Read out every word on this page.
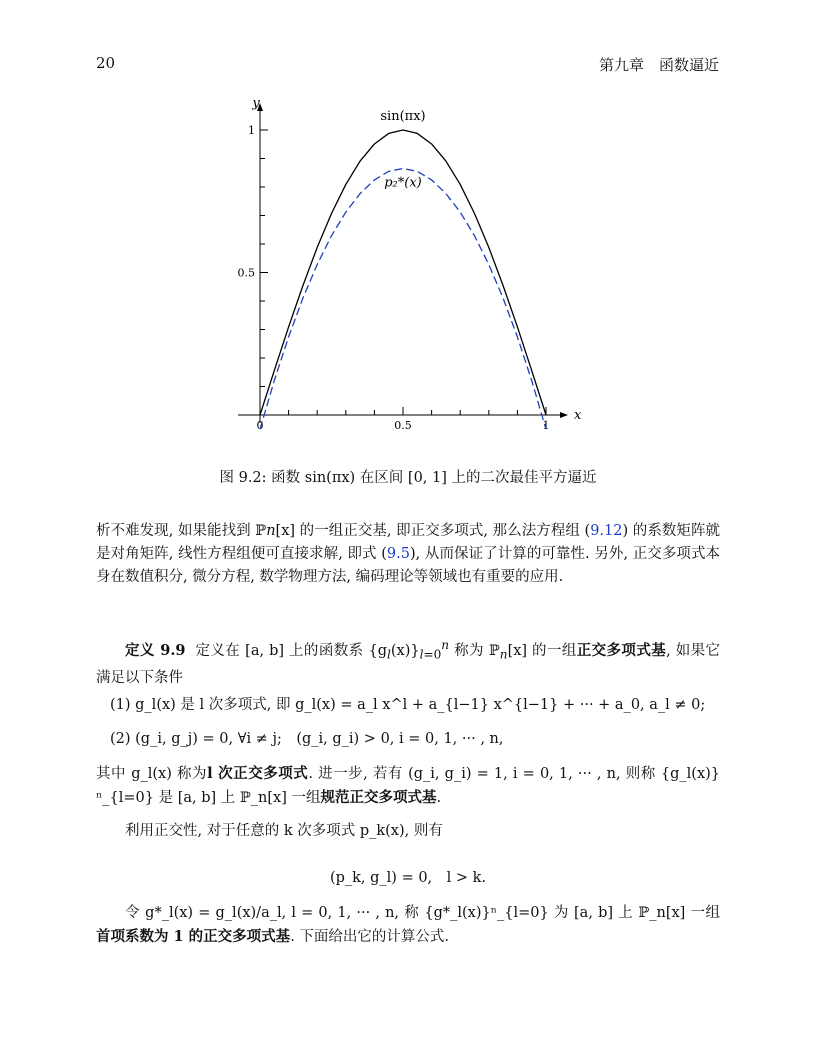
20	第九章　函数逼近
x
y
0	0.5	1
0.5
1
sin(πx)
p₂*(x)
图 9.2: 函数 sin(πx) 在区间 [0, 1] 上的二次最佳平方逼近

析不难发现, 如果能找到 ℙn[x] 的一组正交基, 即正交多项式, 那么法方程组 (9.12) 的系数矩阵就是对角矩阵, 线性方程组便可直接求解, 即式 (9.5), 从而保证了计算的可靠性. 另外, 正交多项式本身在数值积分, 微分方程, 数学物理方法, 编码理论等领域也有重要的应用.

定义 9.9 定义在 [a, b] 上的函数系 $\{g_l(x)\}_{l=0}^n$ 称为 ℙ$_n$[x] 的一组正交多项式基, 如果它满足以下条件

(1) g_l(x) 是 l 次多项式, 即 g_l(x) = a_l x^l + a_{l−1} x^{l−1} + ··· + a_0, a_l ≠ 0;
(2) (g_i, g_j) = 0, ∀i ≠ j;　(g_i, g_i) > 0, i = 0, 1, ··· , n,

其中 g_l(x) 称为l 次正交多项式. 进一步, 若有 (g_i, g_i) = 1, i = 0, 1, ··· , n, 则称 {g_l(x)}ⁿ_{l=0} 是 [a, b] 上 ℙ_n[x] 一组规范正交多项式基.

利用正交性, 对于任意的 k 次多项式 p_k(x), 则有

(p_k, g_l) = 0,　l > k.

令 g*_l(x) = g_l(x)/a_l, l = 0, 1, ··· , n, 称 {g*_l(x)}ⁿ_{l=0} 为 [a, b] 上 ℙ_n[x] 一组首项系数为 1 的正交多项式基. 下面给出它的计算公式.
